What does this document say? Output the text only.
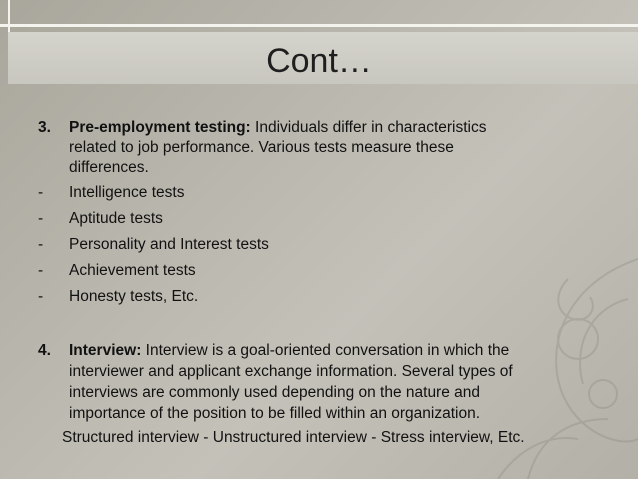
Cont…
3. Pre-employment testing: Individuals differ in characteristics
related to job performance. Various tests measure these
differences.
- Intelligence tests
- Aptitude tests
- Personality and Interest tests
- Achievement tests
- Honesty tests, Etc.
4. Interview: Interview is a goal-oriented conversation in which the
interviewer and applicant exchange information. Several types of
interviews are commonly used depending on the nature and
importance of the position to be filled within an organization.
Structured interview - Unstructured interview - Stress interview, Etc.
